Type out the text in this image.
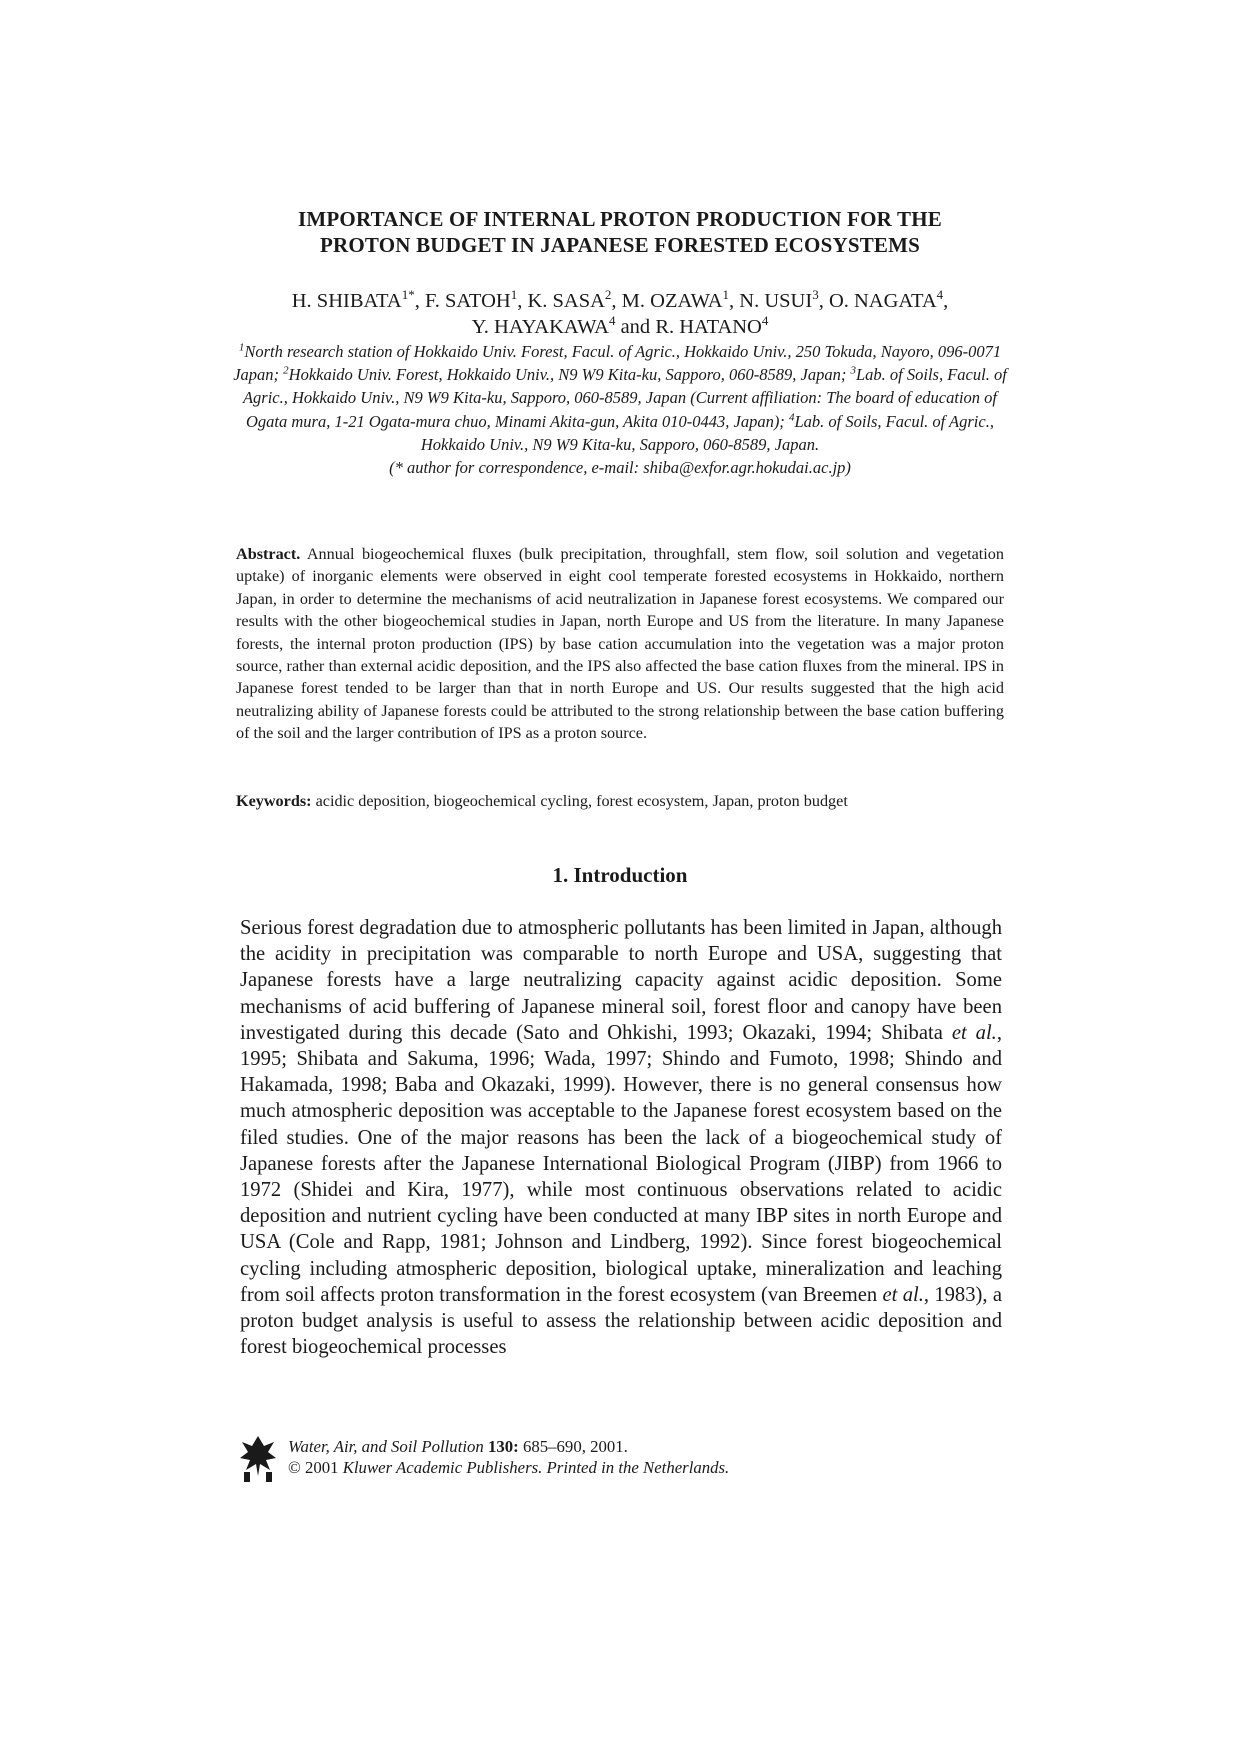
IMPORTANCE OF INTERNAL PROTON PRODUCTION FOR THE
PROTON BUDGET IN JAPANESE FORESTED ECOSYSTEMS
H. $SHIBATA^{1*}$, F. SATOH$^1$, K. SASA$^2$, M. OZAWA$^1$, N. USUI$^3$, O. NAGATA$^4$,
Y. HAYAKAWA$^4$ and R. HATANO$^4$

$^1$North research station of Hokkaido Univ. Forest, Facul. of Agric., Hokkaido Univ., 250 Tokuda, Nayoro, 096-0071 Japan; $^2$Hokkaido Univ. Forest, Hokkaido Univ., N9 W9 Kita-ku, Sapporo, 060-8589, Japan; $^3$Lab. of Soils, Facul. of Agric., Hokkaido Univ., N9 W9 Kita-ku, Sapporo, 060-8589, Japan (Current affiliation: The board of education of Ogata mura, 1-21 Ogata-mura chuo, Minami Akita-gun, Akita 010-0443, Japan); $^4$Lab. of Soils, Facul. of Agric., Hokkaido Univ., N9 W9 Kita-ku, Sapporo, 060-8589, Japan.

(* author for correspondence, e-mail: shiba@exfor.agr.hokudai.ac.jp)

Abstract. Annual biogeochemical fluxes (bulk precipitation, throughfall, stem flow, soil solution and vegetation uptake) of inorganic elements were observed in eight cool temperate forested ecosystems in Hokkaido, northern Japan, in order to determine the mechanisms of acid neutralization in Japanese forest ecosystems. We compared our results with the other biogeochemical studies in Japan, north Europe and US from the literature. In many Japanese forests, the internal proton production (IPS) by base cation accumulation into the vegetation was a major proton source, rather than external acidic deposition, and the IPS also affected the base cation fluxes from the mineral. IPS in Japanese forest tended to be larger than that in north Europe and US. Our results suggested that the high acid neutralizing ability of Japanese forests could be attributed to the strong relationship between the base cation buffering of the soil and the larger contribution of IPS as a proton source.

Keywords: acidic deposition, biogeochemical cycling, forest ecosystem, Japan, proton budget

1. Introduction

Serious forest degradation due to atmospheric pollutants has been limited in Japan, although the acidity in precipitation was comparable to north Europe and USA, suggesting that Japanese forests have a large neutralizing capacity against acidic deposition. Some mechanisms of acid buffering of Japanese mineral soil, forest floor and canopy have been investigated during this decade (Sato and Ohkishi, 1993; Okazaki, 1994; Shibata et al., 1995; Shibata and Sakuma, 1996; Wada, 1997; Shindo and Fumoto, 1998; Shindo and Hakamada, 1998; Baba and Okazaki, 1999). However, there is no general consensus how much atmospheric deposition was acceptable to the Japanese forest ecosystem based on the filed studies. One of the major reasons has been the lack of a biogeochemical study of Japanese forests after the Japanese International Biological Program (JIBP) from 1966 to 1972 (Shidei and Kira, 1977), while most continuous observations related to acidic deposition and nutrient cycling have been conducted at many IBP sites in north Europe and USA (Cole and Rapp, 1981; Johnson and Lindberg, 1992). Since forest biogeochemical cycling including atmospheric deposition, biological uptake, mineralization and leaching from soil affects proton transformation in the forest ecosystem (van Breemen et al., 1983), a proton budget analysis is useful to assess the relationship between acidic deposition and forest biogeochemical processes

Water, Air, and Soil Pollution 130: 685–690, 2001.
© 2001 Kluwer Academic Publishers. Printed in the Netherlands.
